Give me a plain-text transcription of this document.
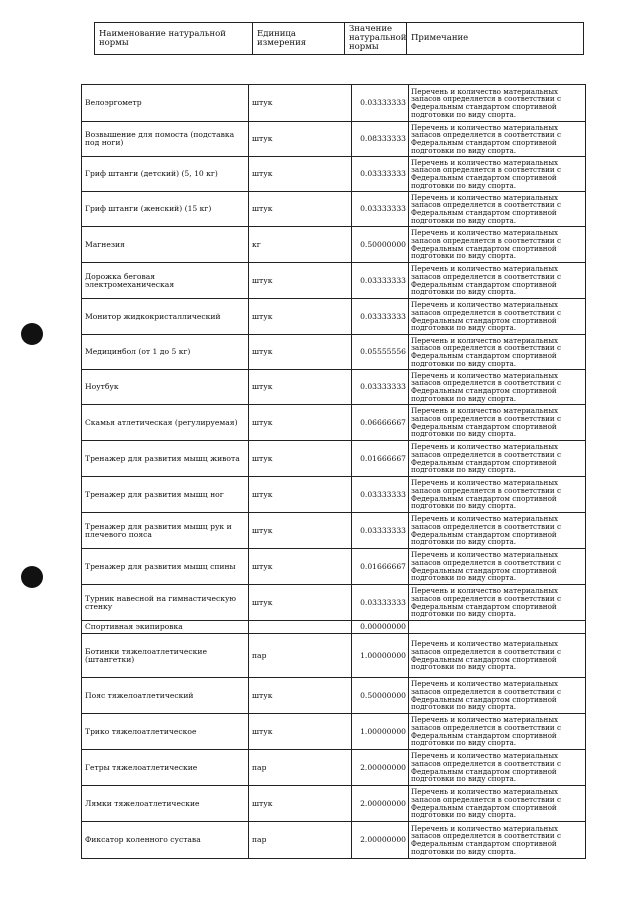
Наименование натуральной нормы	Единица измерения	Значение натуральной нормы	Примечание
Велоэргометр	штук	0.03333333	Перечень и количество материальных запасов определяется в соответствии с Федеральным стандартом спортивной подготовки по виду спорта.
Возвышение для помоста (подставка под ноги)	штук	0.08333333	Перечень и количество материальных запасов определяется в соответствии с Федеральным стандартом спортивной подготовки по виду спорта.
Гриф штанги (детский) (5, 10 кг)	штук	0.03333333	Перечень и количество материальных запасов определяется в соответствии с Федеральным стандартом спортивной подготовки по виду спорта.
Гриф штанги (женский) (15 кг)	штук	0.03333333	Перечень и количество материальных запасов определяется в соответствии с Федеральным стандартом спортивной подготовки по виду спорта.
Магнезия	кг	0.50000000	Перечень и количество материальных запасов определяется в соответствии с Федеральным стандартом спортивной подготовки по виду спорта.
Дорожка беговая электромеханическая	штук	0.03333333	Перечень и количество материальных запасов определяется в соответствии с Федеральным стандартом спортивной подготовки по виду спорта.
Монитор жидкокристаллический	штук	0.03333333	Перечень и количество материальных запасов определяется в соответствии с Федеральным стандартом спортивной подготовки по виду спорта.
Медицинбол (от 1 до 5 кг)	штук	0.05555556	Перечень и количество материальных запасов определяется в соответствии с Федеральным стандартом спортивной подготовки по виду спорта.
Ноутбук	штук	0.03333333	Перечень и количество материальных запасов определяется в соответствии с Федеральным стандартом спортивной подготовки по виду спорта.
Скамья атлетическая (регулируемая)	штук	0.06666667	Перечень и количество материальных запасов определяется в соответствии с Федеральным стандартом спортивной подготовки по виду спорта.
Тренажер для развития мышц живота	штук	0.01666667	Перечень и количество материальных запасов определяется в соответствии с Федеральным стандартом спортивной подготовки по виду спорта.
Тренажер для развития мышц ног	штук	0.03333333	Перечень и количество материальных запасов определяется в соответствии с Федеральным стандартом спортивной подготовки по виду спорта.
Тренажер для развития мышц рук и плечевого пояса	штук	0.03333333	Перечень и количество материальных запасов определяется в соответствии с Федеральным стандартом спортивной подготовки по виду спорта.
Тренажер для развития мышц спины	штук	0.01666667	Перечень и количество материальных запасов определяется в соответствии с Федеральным стандартом спортивной подготовки по виду спорта.
Турник навесной на гимнастическую стенку	штук	0.03333333	Перечень и количество материальных запасов определяется в соответствии с Федеральным стандартом спортивной подготовки по виду спорта.
Спортивная экипировка		0.00000000	
Ботинки тяжелоатлетические (штангетки)	пар	1.00000000	Перечень и количество материальных запасов определяется в соответствии с Федеральным стандартом спортивной подготовки по виду спорта.
Пояс тяжелоатлетический	штук	0.50000000	Перечень и количество материальных запасов определяется в соответствии с Федеральным стандартом спортивной подготовки по виду спорта.
Трико тяжелоатлетическое	штук	1.00000000	Перечень и количество материальных запасов определяется в соответствии с Федеральным стандартом спортивной подготовки по виду спорта.
Гетры тяжелоатлетические	пар	2.00000000	Перечень и количество материальных запасов определяется в соответствии с Федеральным стандартом спортивной подготовки по виду спорта.
Лямки тяжелоатлетические	штук	2.00000000	Перечень и количество материальных запасов определяется в соответствии с Федеральным стандартом спортивной подготовки по виду спорта.
Фиксатор коленного сустава	пар	2.00000000	Перечень и количество материальных запасов определяется в соответствии с Федеральным стандартом спортивной подготовки по виду спорта.
